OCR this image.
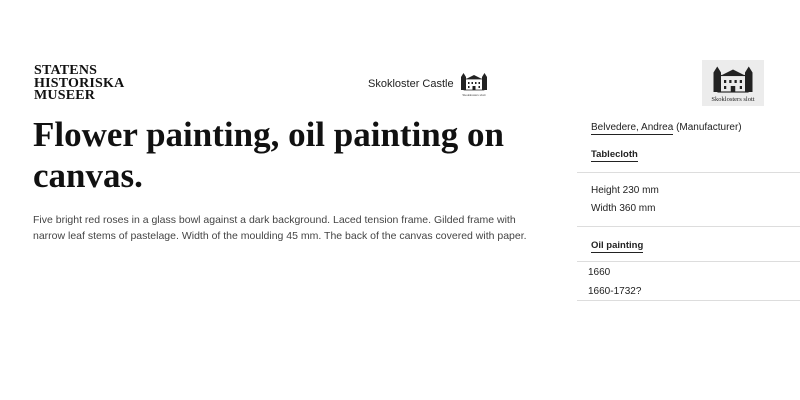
STATENS
HISTORISKA
MUSEER
Skokloster Castle
Skoklosters slott
Skoklosters slott
Flower painting, oil painting on canvas.

Five bright red roses in a glass bowl against a dark background. Laced tension frame. Gilded frame with narrow leaf stems of pastelage. Width of the moulding 45 mm. The back of the canvas covered with paper.

Belvedere, Andrea (Manufacturer)
Tablecloth
Height 230 mm
Width 360 mm
Oil painting
1660
1660-1732?
